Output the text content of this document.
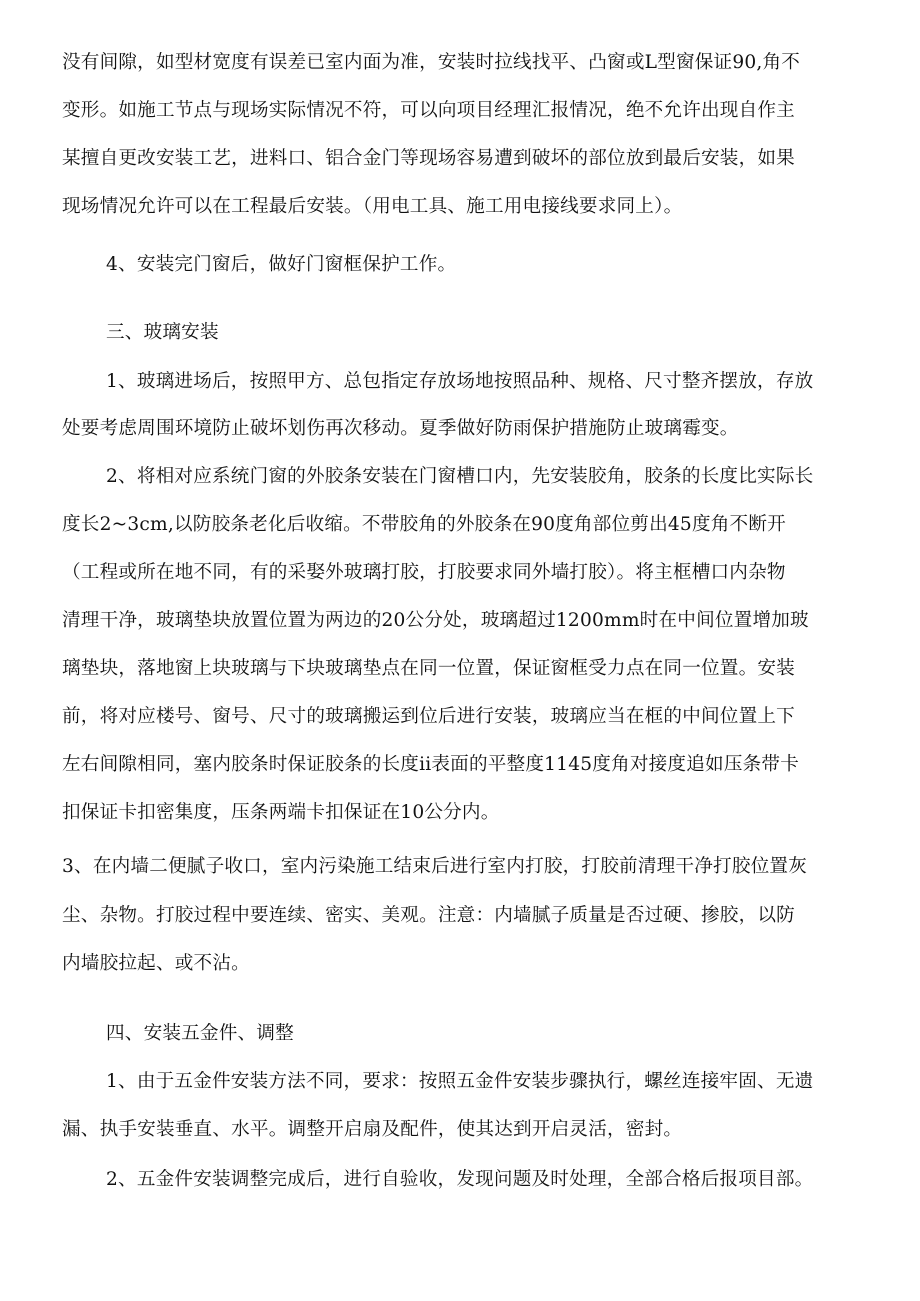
没有间隙，如型材宽度有误差已室内面为准，安装时拉线找平、凸窗或L型窗保证90,角不
变形。如施工节点与现场实际情况不符，可以向项目经理汇报情况，绝不允许出现自作主
某擅自更改安装工艺，进料口、铝合金门等现场容易遭到破坏的部位放到最后安装，如果
现场情况允许可以在工程最后安装。（用电工具、施工用电接线要求同上）。
4、安装完门窗后，做好门窗框保护工作。
三、玻璃安装
1、玻璃进场后，按照甲方、总包指定存放场地按照品种、规格、尺寸整齐摆放，存放
处要考虑周围环境防止破坏划伤再次移动。夏季做好防雨保护措施防止玻璃霉变。
2、将相对应系统门窗的外胶条安装在门窗槽口内，先安装胶角，胶条的长度比实际长
度长2~3cm,以防胶条老化后收缩。不带胶角的外胶条在90度角部位剪出45度角不断开
（工程或所在地不同，有的采娶外玻璃打胶，打胶要求同外墙打胶）。将主框槽口内杂物
清理干净，玻璃垫块放置位置为两边的20公分处，玻璃超过1200mm时在中间位置增加玻
璃垫块，落地窗上块玻璃与下块玻璃垫点在同一位置，保证窗框受力点在同一位置。安装
前，将对应楼号、窗号、尺寸的玻璃搬运到位后进行安装，玻璃应当在框的中间位置上下
左右间隙相同，塞内胶条时保证胶条的长度ii表面的平整度1145度角对接度追如压条带卡
扣保证卡扣密集度，压条两端卡扣保证在10公分内。
3、在内墙二便腻子收口，室内污染施工结束后进行室内打胶，打胶前清理干净打胶位置灰
尘、杂物。打胶过程中要连续、密实、美观。注意：内墙腻子质量是否过硬、掺胶，以防
内墙胶拉起、或不沾。
四、安装五金件、调整
1、由于五金件安装方法不同，要求：按照五金件安装步骤执行，螺丝连接牢固、无遗
漏、执手安装垂直、水平。调整开启扇及配件，使其达到开启灵活，密封。
2、五金件安装调整完成后，进行自验收，发现问题及时处理，全部合格后报项目部。
